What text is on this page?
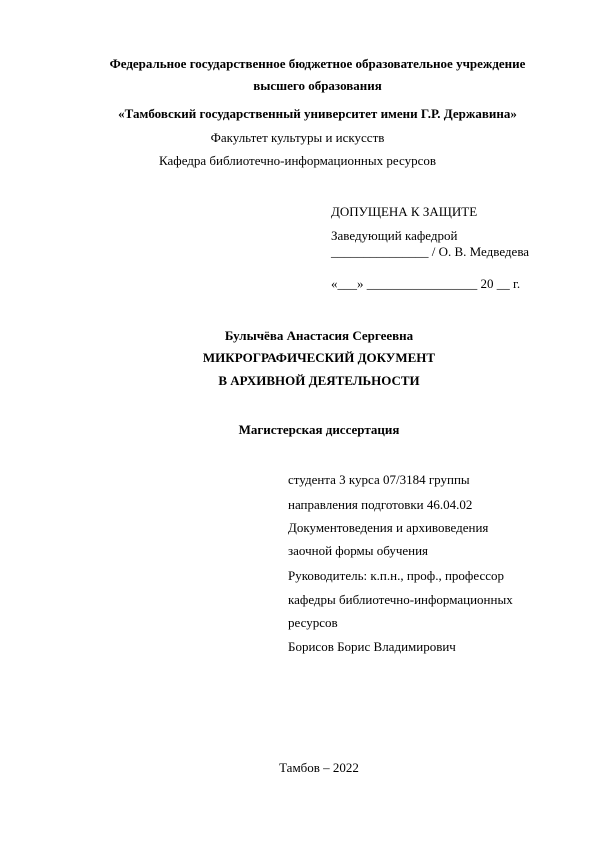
Федеральное государственное бюджетное образовательное учреждение
высшего образования
«Тамбовский государственный университет имени Г.Р. Державина»
Факультет культуры и искусств
Кафедра библиотечно-информационных ресурсов
ДОПУЩЕНА К ЗАЩИТЕ
Заведующий кафедрой
_______________ / О. В. Медведева
«___» _________________ 20 __ г.
Булычёва Анастасия Сергеевна
МИКРОГРАФИЧЕСКИЙ ДОКУМЕНТ
В АРХИВНОЙ ДЕЯТЕЛЬНОСТИ
Магистерская диссертация
студента 3 курса 07/3184 группы
направления подготовки 46.04.02
Документоведения и архивоведения
заочной формы обучения
Руководитель: к.п.н., проф., профессор
кафедры библиотечно-информационных
ресурсов
Борисов Борис Владимирович
Тамбов – 2022
